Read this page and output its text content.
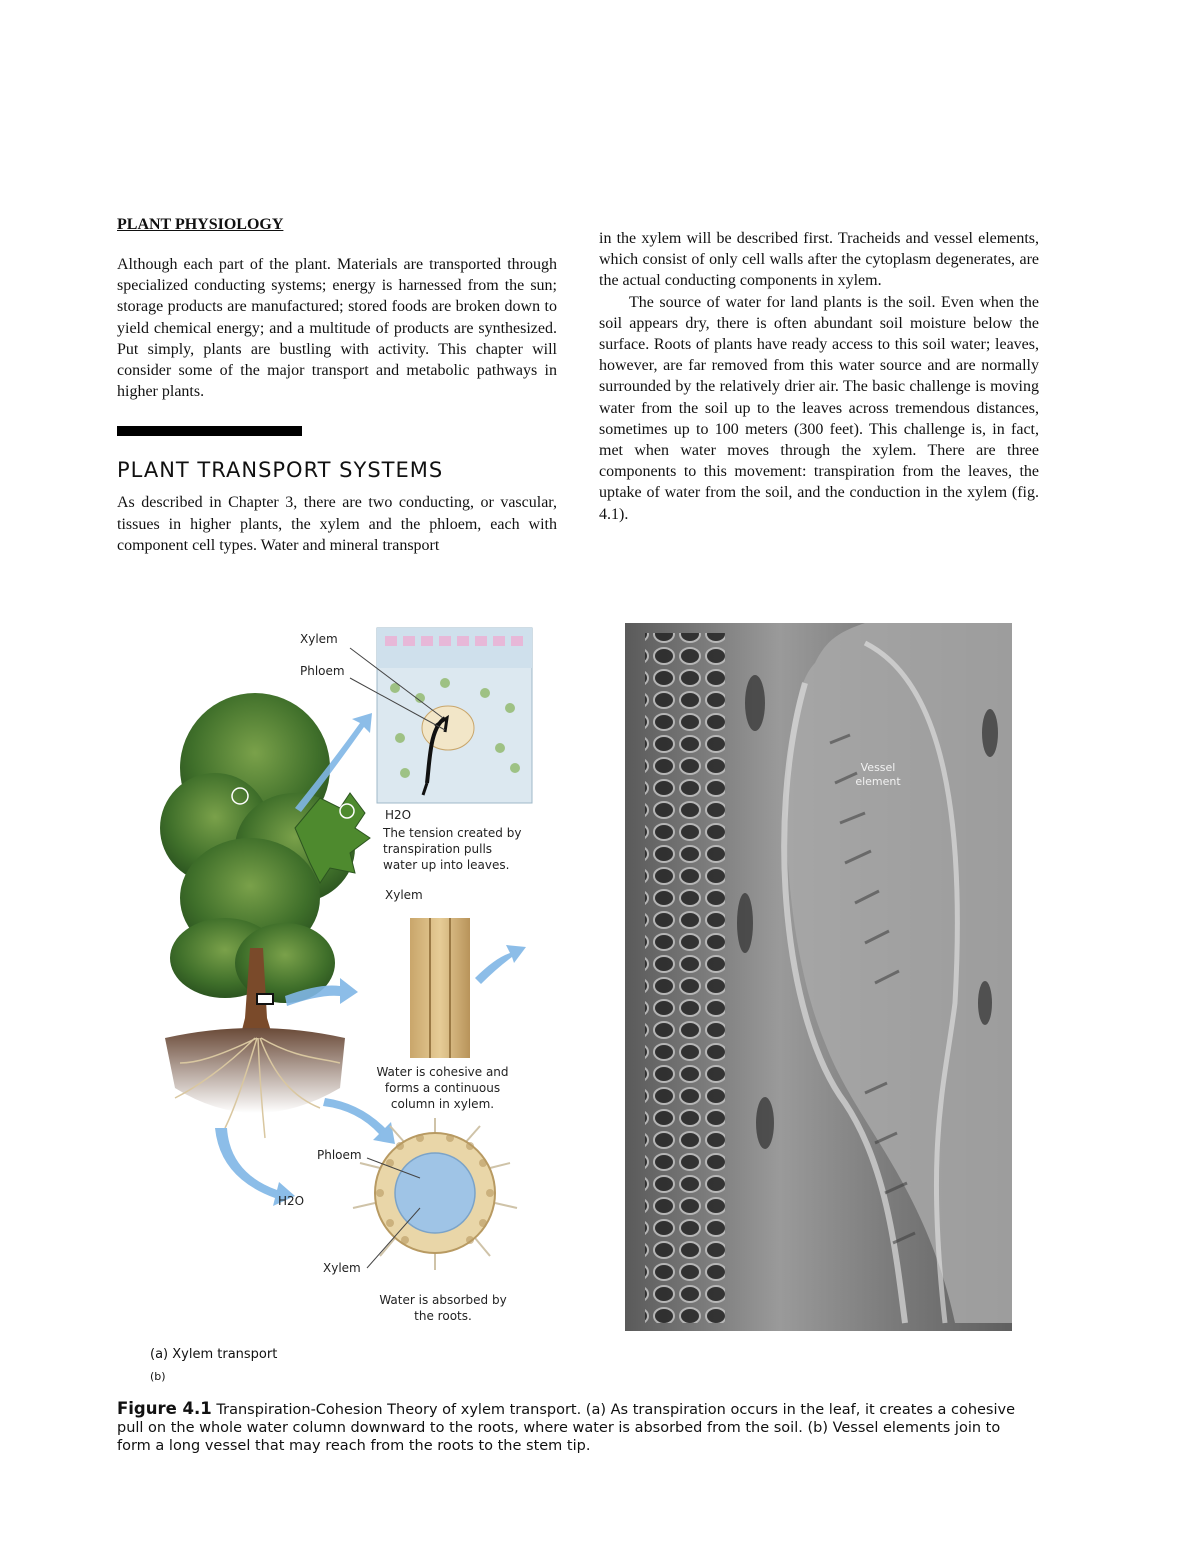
PLANT PHYSIOLOGY

Although each part of the plant. Materials are transported through specialized conducting systems; energy is harnessed from the sun; storage products are manufactured; stored foods are broken down to yield chemical energy; and a multitude of products are synthesized. Put simply, plants are bustling with activity. This chapter will consider some of the major transport and metabolic pathways in higher plants.

PLANT TRANSPORT SYSTEMS

As described in Chapter 3, there are two conducting, or vascular, tissues in higher plants, the xylem and the phloem, each with component cell types. Water and mineral transport

in the xylem will be described first. Tracheids and vessel elements, which consist of only cell walls after the cytoplasm degenerates, are the actual conducting components in xylem.

The source of water for land plants is the soil. Even when the soil appears dry, there is often abundant soil moisture below the surface. Roots of plants have ready access to this soil water; leaves, however, are far removed from this water source and are normally surrounded by the relatively drier air. The basic challenge is moving water from the soil up to the leaves across tremendous distances, sometimes up to 100 meters (300 feet). This challenge is, in fact, met when water moves through the xylem. There are three components to this movement: transpiration from the leaves, the uptake of water from the soil, and the conduction in the xylem (fig. 4.1).

Xylem
Phloem
H2O
The tension created by transpiration pulls water up into leaves.
Xylem
Water is cohesive and forms a continuous column in xylem.
Phloem
H2O
Xylem
Water is absorbed by the roots.
Vessel element
(a) Xylem transport
(b)
Figure 4.1 Transpiration-Cohesion Theory of xylem transport. (a) As transpiration occurs in the leaf, it creates a cohesive pull on the whole water column downward to the roots, where water is absorbed from the soil. (b) Vessel elements join to form a long vessel that may reach from the roots to the stem tip.
